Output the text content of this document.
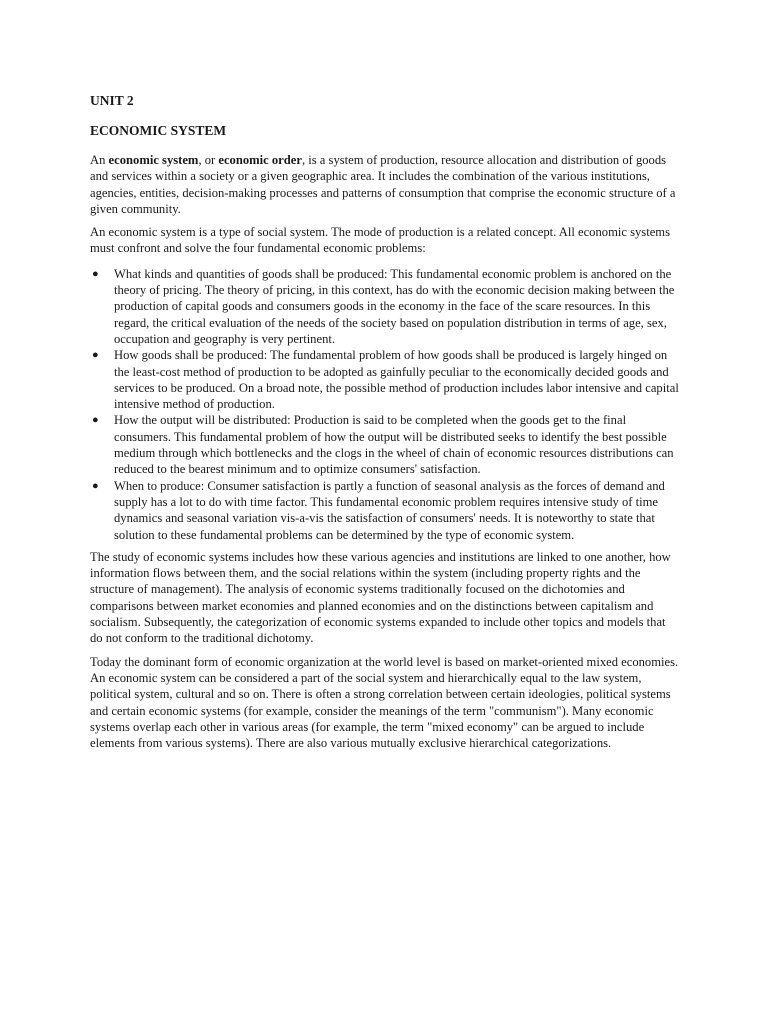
UNIT 2
ECONOMIC SYSTEM

An economic system, or economic order, is a system of production, resource allocation and distribution of goods and services within a society or a given geographic area. It includes the combination of the various institutions, agencies, entities, decision-making processes and patterns of consumption that comprise the economic structure of a given community.

An economic system is a type of social system. The mode of production is a related concept. All economic systems must confront and solve the four fundamental economic problems:

● What kinds and quantities of goods shall be produced: This fundamental economic problem is anchored on the theory of pricing. The theory of pricing, in this context, has do with the economic decision making between the production of capital goods and consumers goods in the economy in the face of the scare resources. In this regard, the critical evaluation of the needs of the society based on population distribution in terms of age, sex, occupation and geography is very pertinent.
● How goods shall be produced: The fundamental problem of how goods shall be produced is largely hinged on the least-cost method of production to be adopted as gainfully peculiar to the economically decided goods and services to be produced. On a broad note, the possible method of production includes labor intensive and capital intensive method of production.
● How the output will be distributed: Production is said to be completed when the goods get to the final consumers. This fundamental problem of how the output will be distributed seeks to identify the best possible medium through which bottlenecks and the clogs in the wheel of chain of economic resources distributions can reduced to the bearest minimum and to optimize consumers' satisfaction.
● When to produce: Consumer satisfaction is partly a function of seasonal analysis as the forces of demand and supply has a lot to do with time factor. This fundamental economic problem requires intensive study of time dynamics and seasonal variation vis-a-vis the satisfaction of consumers' needs. It is noteworthy to state that solution to these fundamental problems can be determined by the type of economic system.

The study of economic systems includes how these various agencies and institutions are linked to one another, how information flows between them, and the social relations within the system (including property rights and the structure of management). The analysis of economic systems traditionally focused on the dichotomies and comparisons between market economies and planned economies and on the distinctions between capitalism and socialism. Subsequently, the categorization of economic systems expanded to include other topics and models that do not conform to the traditional dichotomy.

Today the dominant form of economic organization at the world level is based on market-oriented mixed economies. An economic system can be considered a part of the social system and hierarchically equal to the law system, political system, cultural and so on. There is often a strong correlation between certain ideologies, political systems and certain economic systems (for example, consider the meanings of the term "communism"). Many economic systems overlap each other in various areas (for example, the term "mixed economy" can be argued to include elements from various systems). There are also various mutually exclusive hierarchical categorizations.
